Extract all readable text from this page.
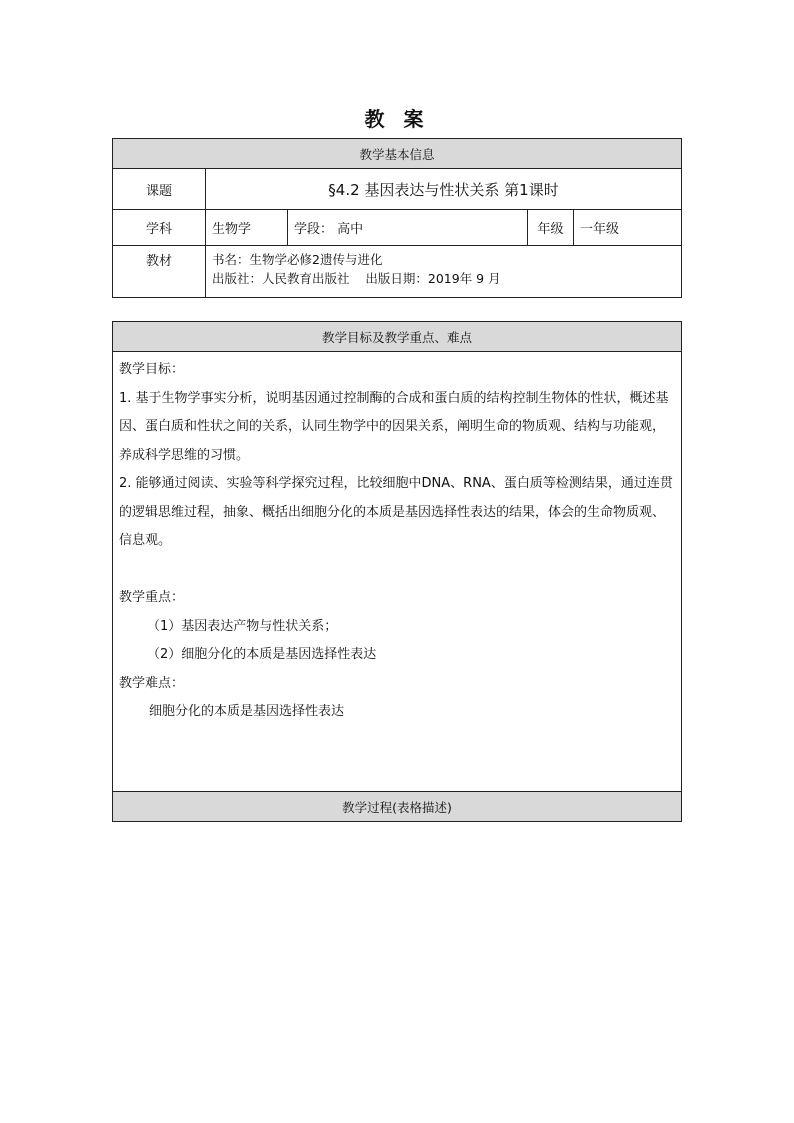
教 案
教学基本信息				
课题	§4.2 基因表达与性状关系 第1课时			
学科	生物学	学段： 高中	年级	一年级
教材	书名：生物学必修2遗传与进化
出版社：人民教育出版社    出版日期：2019年 9 月			
教学目标及教学重点、难点

教学目标：

1. 基于生物学事实分析，说明基因通过控制酶的合成和蛋白质的结构控制生物体的性状，概述基因、蛋白质和性状之间的关系，认同生物学中的因果关系，阐明生命的物质观、结构与功能观，养成科学思维的习惯。

2. 能够通过阅读、实验等科学探究过程，比较细胞中DNA、RNA、蛋白质等检测结果，通过连贯的逻辑思维过程，抽象、概括出细胞分化的本质是基因选择性表达的结果，体会的生命物质观、信息观。

教学重点：

（1）基因表达产物与性状关系；

（2）细胞分化的本质是基因选择性表达

教学难点：

细胞分化的本质是基因选择性表达

教学过程(表格描述)
